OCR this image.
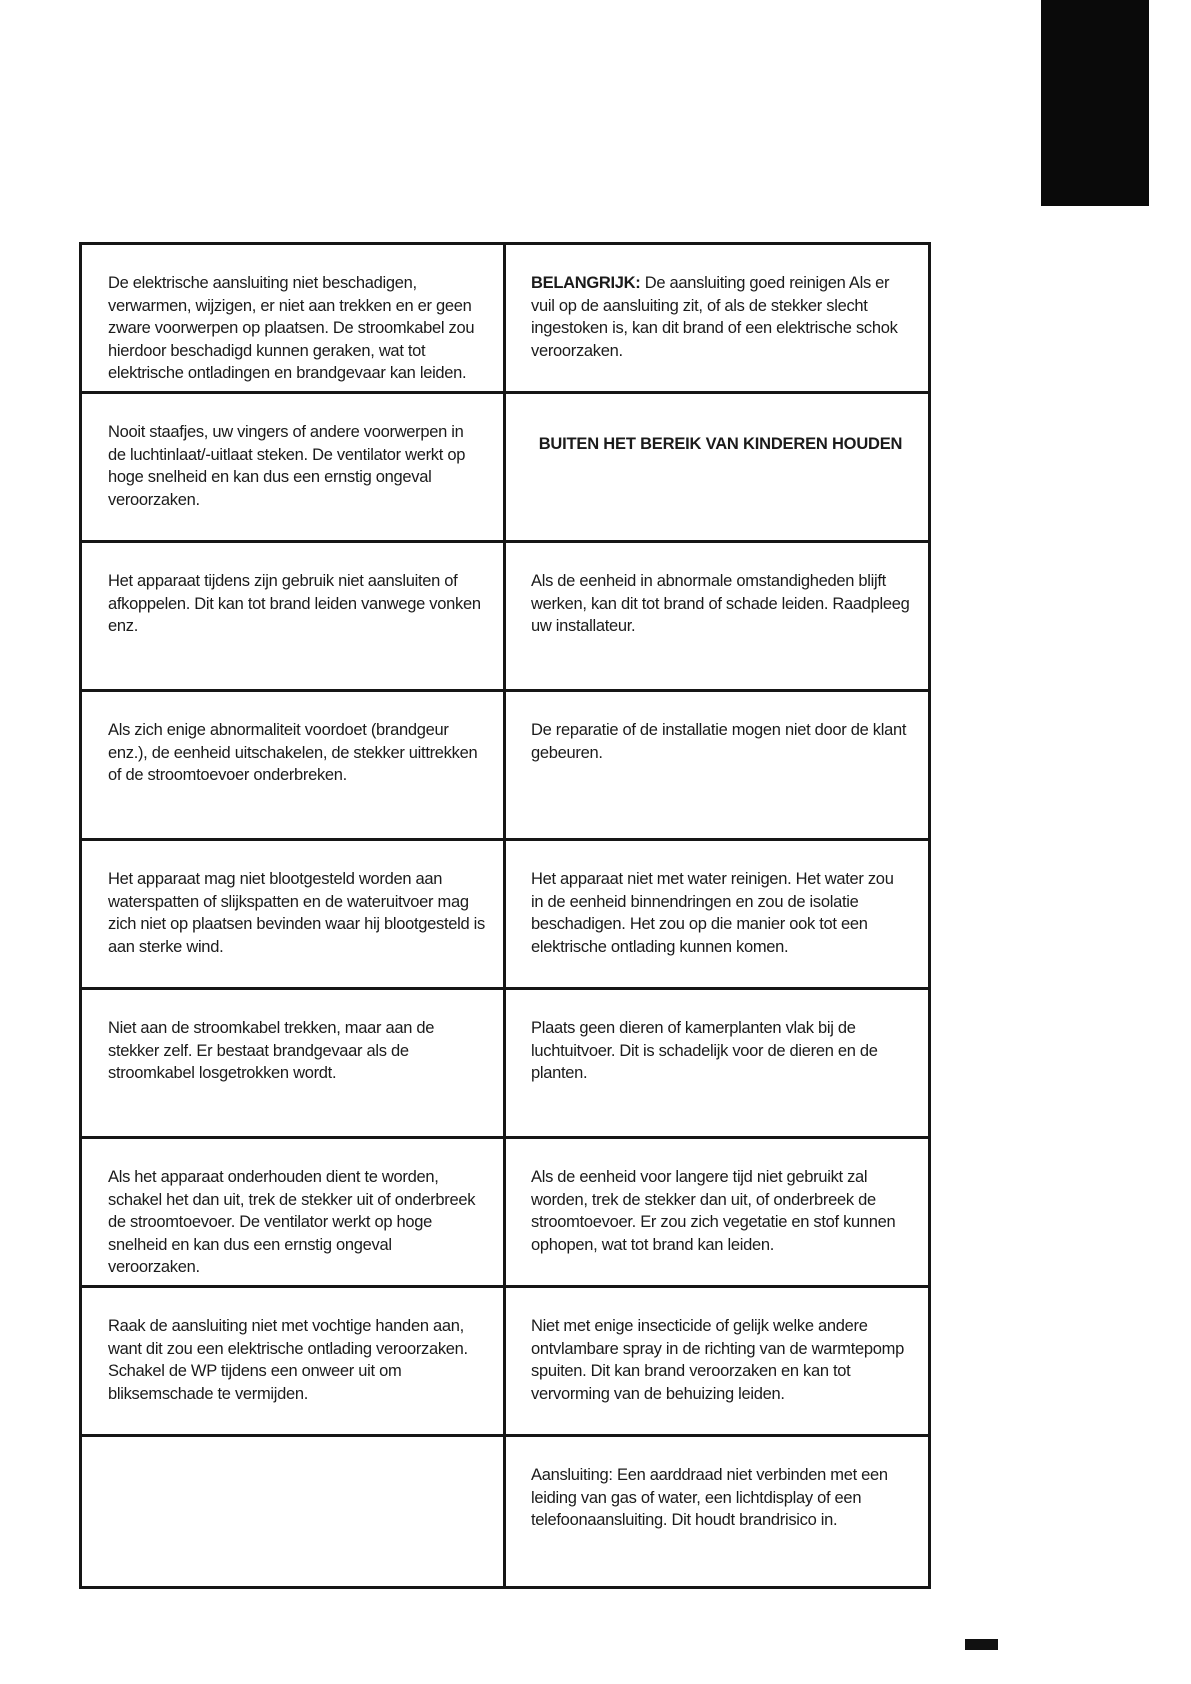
De elektrische aansluiting niet beschadigen, verwarmen, wijzigen, er niet aan trekken en er geen zware voorwerpen op plaatsen. De stroomkabel zou hierdoor beschadigd kunnen geraken, wat tot elektrische ontladingen en brandgevaar kan leiden.

BELANGRIJK: De aansluiting goed reinigen Als er vuil op de aansluiting zit, of als de stekker slecht ingestoken is, kan dit brand of een elektrische schok veroorzaken.

Nooit staafjes, uw vingers of andere voorwerpen in de luchtinlaat/-uitlaat steken. De ventilator werkt op hoge snelheid en kan dus een ernstig ongeval veroorzaken.

BUITEN HET BEREIK VAN KINDEREN HOUDEN

Het apparaat tijdens zijn gebruik niet aansluiten of afkoppelen. Dit kan tot brand leiden vanwege vonken enz.

Als de eenheid in abnormale omstandigheden blijft werken, kan dit tot brand of schade leiden. Raadpleeg uw installateur.

Als zich enige abnormaliteit voordoet (brandgeur enz.), de eenheid uitschakelen, de stekker uittrekken of de stroomtoevoer onderbreken.

De reparatie of de installatie mogen niet door de klant gebeuren.

Het apparaat mag niet blootgesteld worden aan waterspatten of slijkspatten en de wateruitvoer mag zich niet op plaatsen bevinden waar hij blootgesteld is aan sterke wind.

Het apparaat niet met water reinigen. Het water zou in de eenheid binnendringen en zou de isolatie beschadigen. Het zou op die manier ook tot een elektrische ontlading kunnen komen.

Niet aan de stroomkabel trekken, maar aan de stekker zelf. Er bestaat brandgevaar als de stroomkabel losgetrokken wordt.

Plaats geen dieren of kamerplanten vlak bij de luchtuitvoer. Dit is schadelijk voor de dieren en de planten.

Als het apparaat onderhouden dient te worden, schakel het dan uit, trek de stekker uit of onderbreek de stroomtoevoer. De ventilator werkt op hoge snelheid en kan dus een ernstig ongeval veroorzaken.

Als de eenheid voor langere tijd niet gebruikt zal worden, trek de stekker dan uit, of onderbreek de stroomtoevoer. Er zou zich vegetatie en stof kunnen ophopen, wat tot brand kan leiden.

Raak de aansluiting niet met vochtige handen aan, want dit zou een elektrische ontlading veroorzaken. Schakel de WP tijdens een onweer uit om bliksemschade te vermijden.

Niet met enige insecticide of gelijk welke andere ontvlambare spray in de richting van de warmtepomp spuiten. Dit kan brand veroorzaken en kan tot vervorming van de behuizing leiden.

Aansluiting: Een aarddraad niet verbinden met een leiding van gas of water, een lichtdisplay of een telefoonaansluiting. Dit houdt brandrisico in.
